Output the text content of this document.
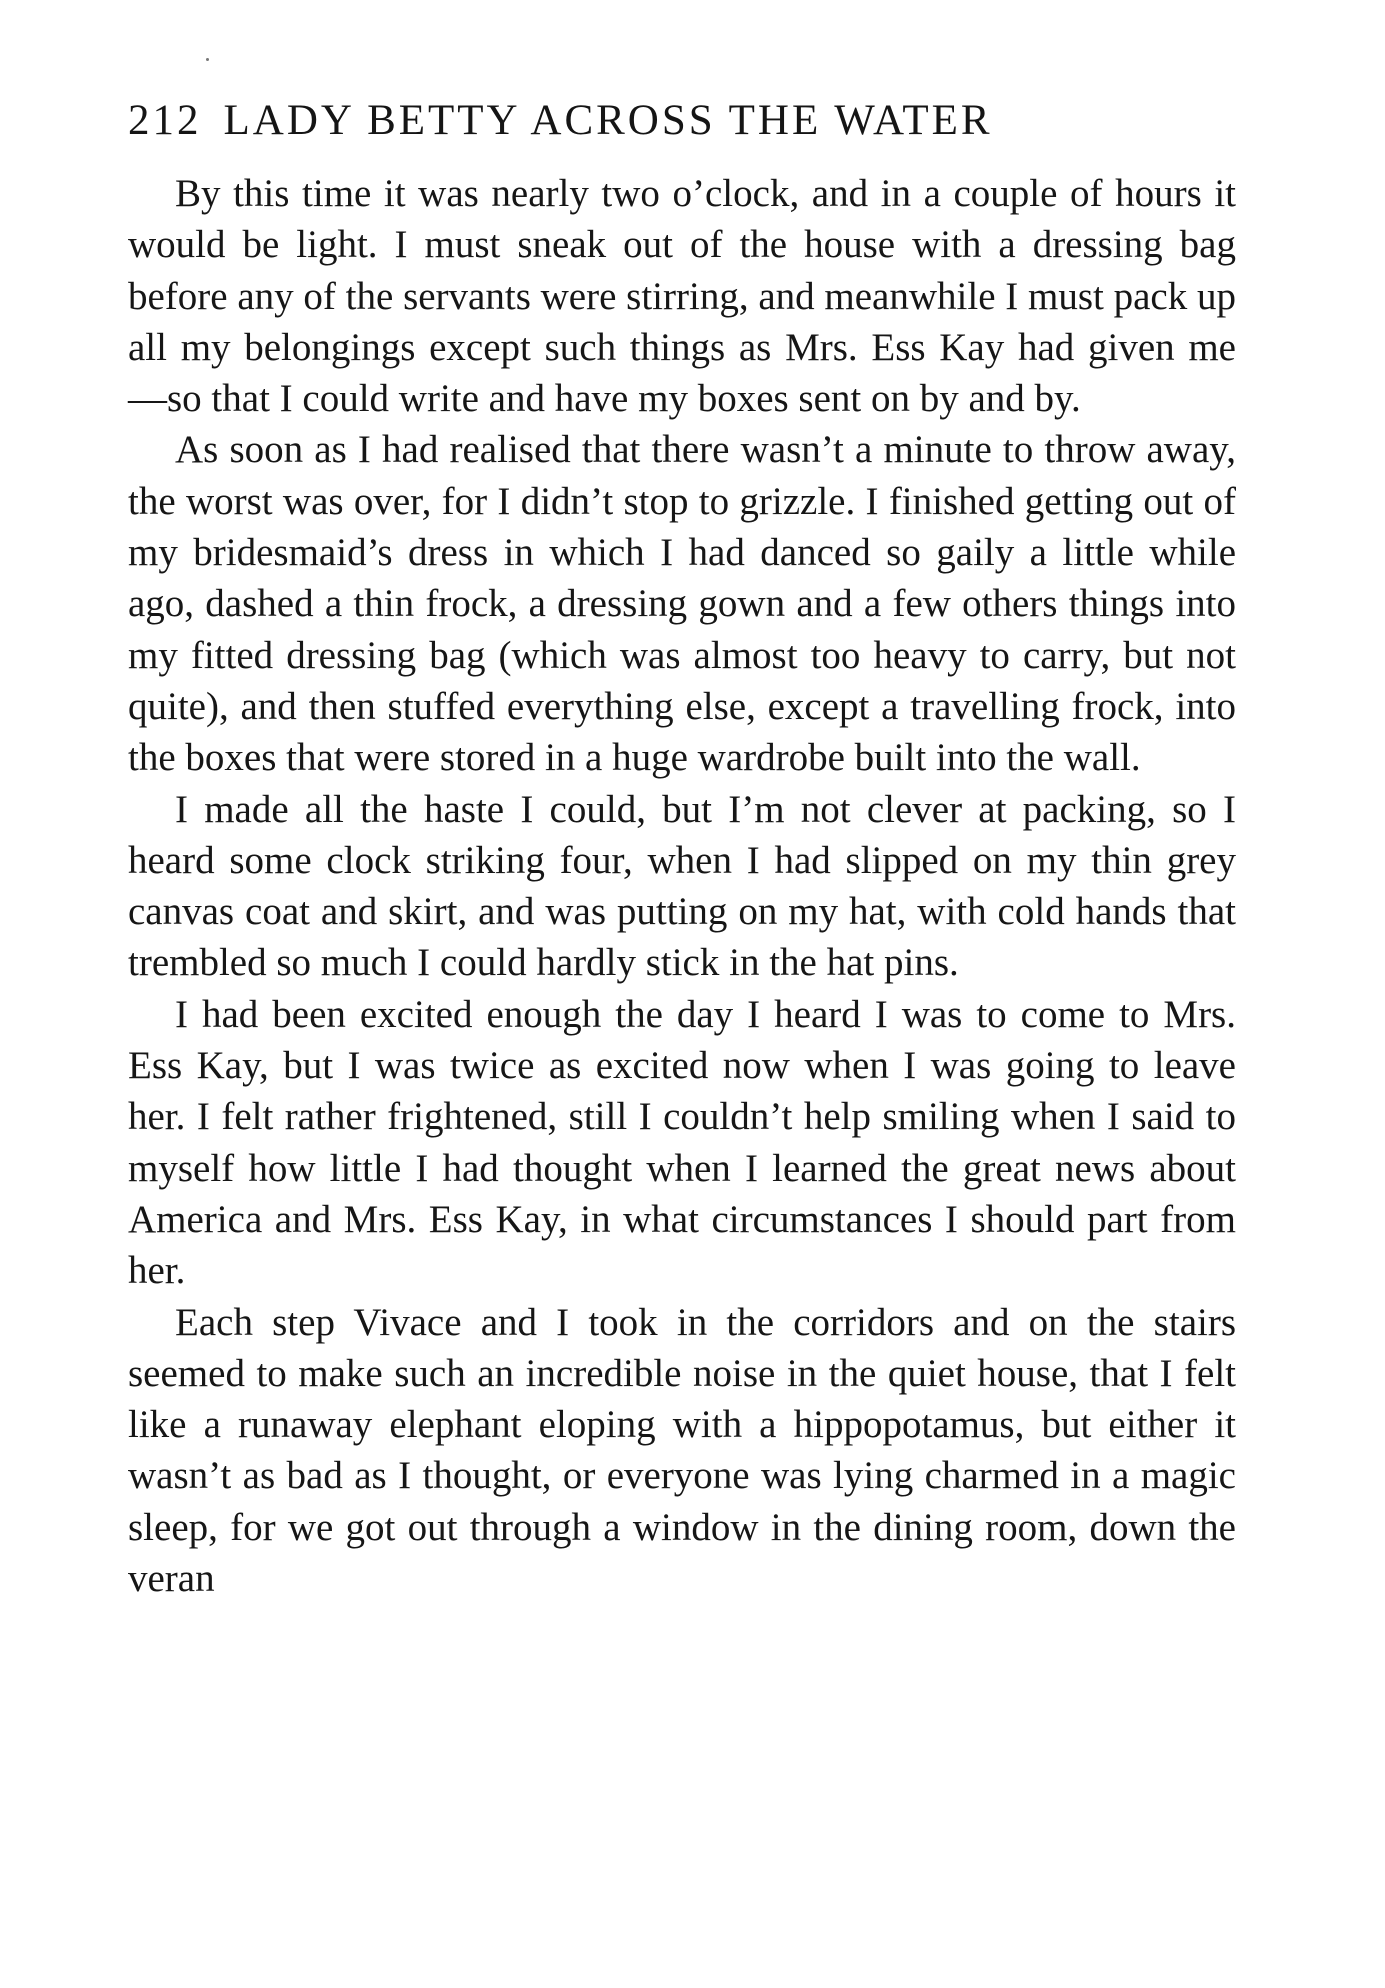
212 LADY BETTY ACROSS THE WATER

By this time it was nearly two o’clock, and in a couple of hours it would be light. I must sneak out of the house with a dressing bag before any of the servants were stirring, and meanwhile I must pack up all my belongings except such things as Mrs. Ess Kay had given me —so that I could write and have my boxes sent on by and by.

As soon as I had realised that there wasn’t a minute to throw away, the worst was over, for I didn’t stop to grizzle. I finished getting out of my bridesmaid’s dress in which I had danced so gaily a little while ago, dashed a thin frock, a dressing gown and a few others things into my fitted dressing bag (which was almost too heavy to carry, but not quite), and then stuffed everything else, except a travelling frock, into the boxes that were stored in a huge wardrobe built into the wall.

I made all the haste I could, but I’m not clever at packing, so I heard some clock striking four, when I had slipped on my thin grey canvas coat and skirt, and was putting on my hat, with cold hands that trembled so much I could hardly stick in the hat pins.

I had been excited enough the day I heard I was to come to Mrs. Ess Kay, but I was twice as excited now when I was going to leave her. I felt rather frightened, still I couldn’t help smiling when I said to myself how little I had thought when I learned the great news about America and Mrs. Ess Kay, in what circumstances I should part from her.

Each step Vivace and I took in the corridors and on the stairs seemed to make such an incredible noise in the quiet house, that I felt like a runaway elephant eloping with a hippopotamus, but either it wasn’t as bad as I thought, or everyone was lying charmed in a magic sleep, for we got out through a window in the dining room, down the veran
